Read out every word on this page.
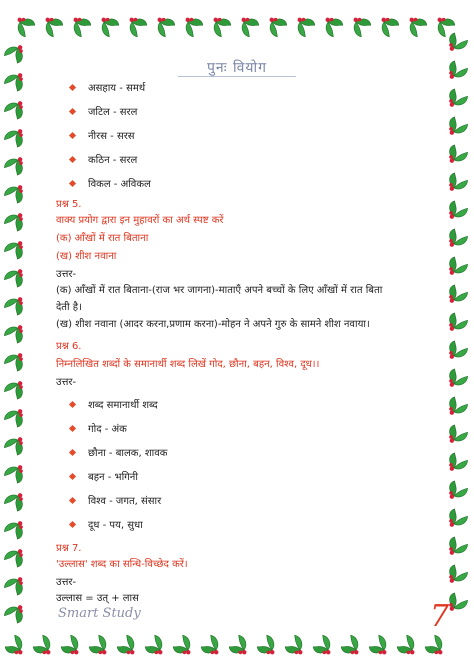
पुनः वियोग
असहाय - समर्थ
जटिल - सरल
नीरस - सरस
कठिन - सरल
विकल - अविकल
प्रश्न 5.
वाक्य प्रयोग द्वारा इन मुहावरों का अर्थ स्पष्ट करें
(क) आँखों में रात बिताना
(ख) शीश नवाना
उत्तर-
(क) आँखों में रात बिताना-(राज भर जागना)-माताएँ अपने बच्चों के लिए आँखों में रात बिता
देती है।
(ख) शीश नवाना (आदर करना,प्रणाम करना)-मोहन ने अपने गुरु के सामने शीश नवाया।
प्रश्न 6.
निम्नलिखित शब्दों के समानार्थी शब्द लिखें गोद, छौना, बहन, विश्व, दूध।।
उत्तर-
शब्द समानार्थी शब्द
गोद - अंक
छौना - बालक, शावक
बहन - भगिनी
विश्व - जगत, संसार
दूध - पय, सुधा
प्रश्न 7.
'उल्लास' शब्द का सन्धि-विच्छेद करें।
उत्तर-
उल्लास = उत् + लास
Smart Study	7
